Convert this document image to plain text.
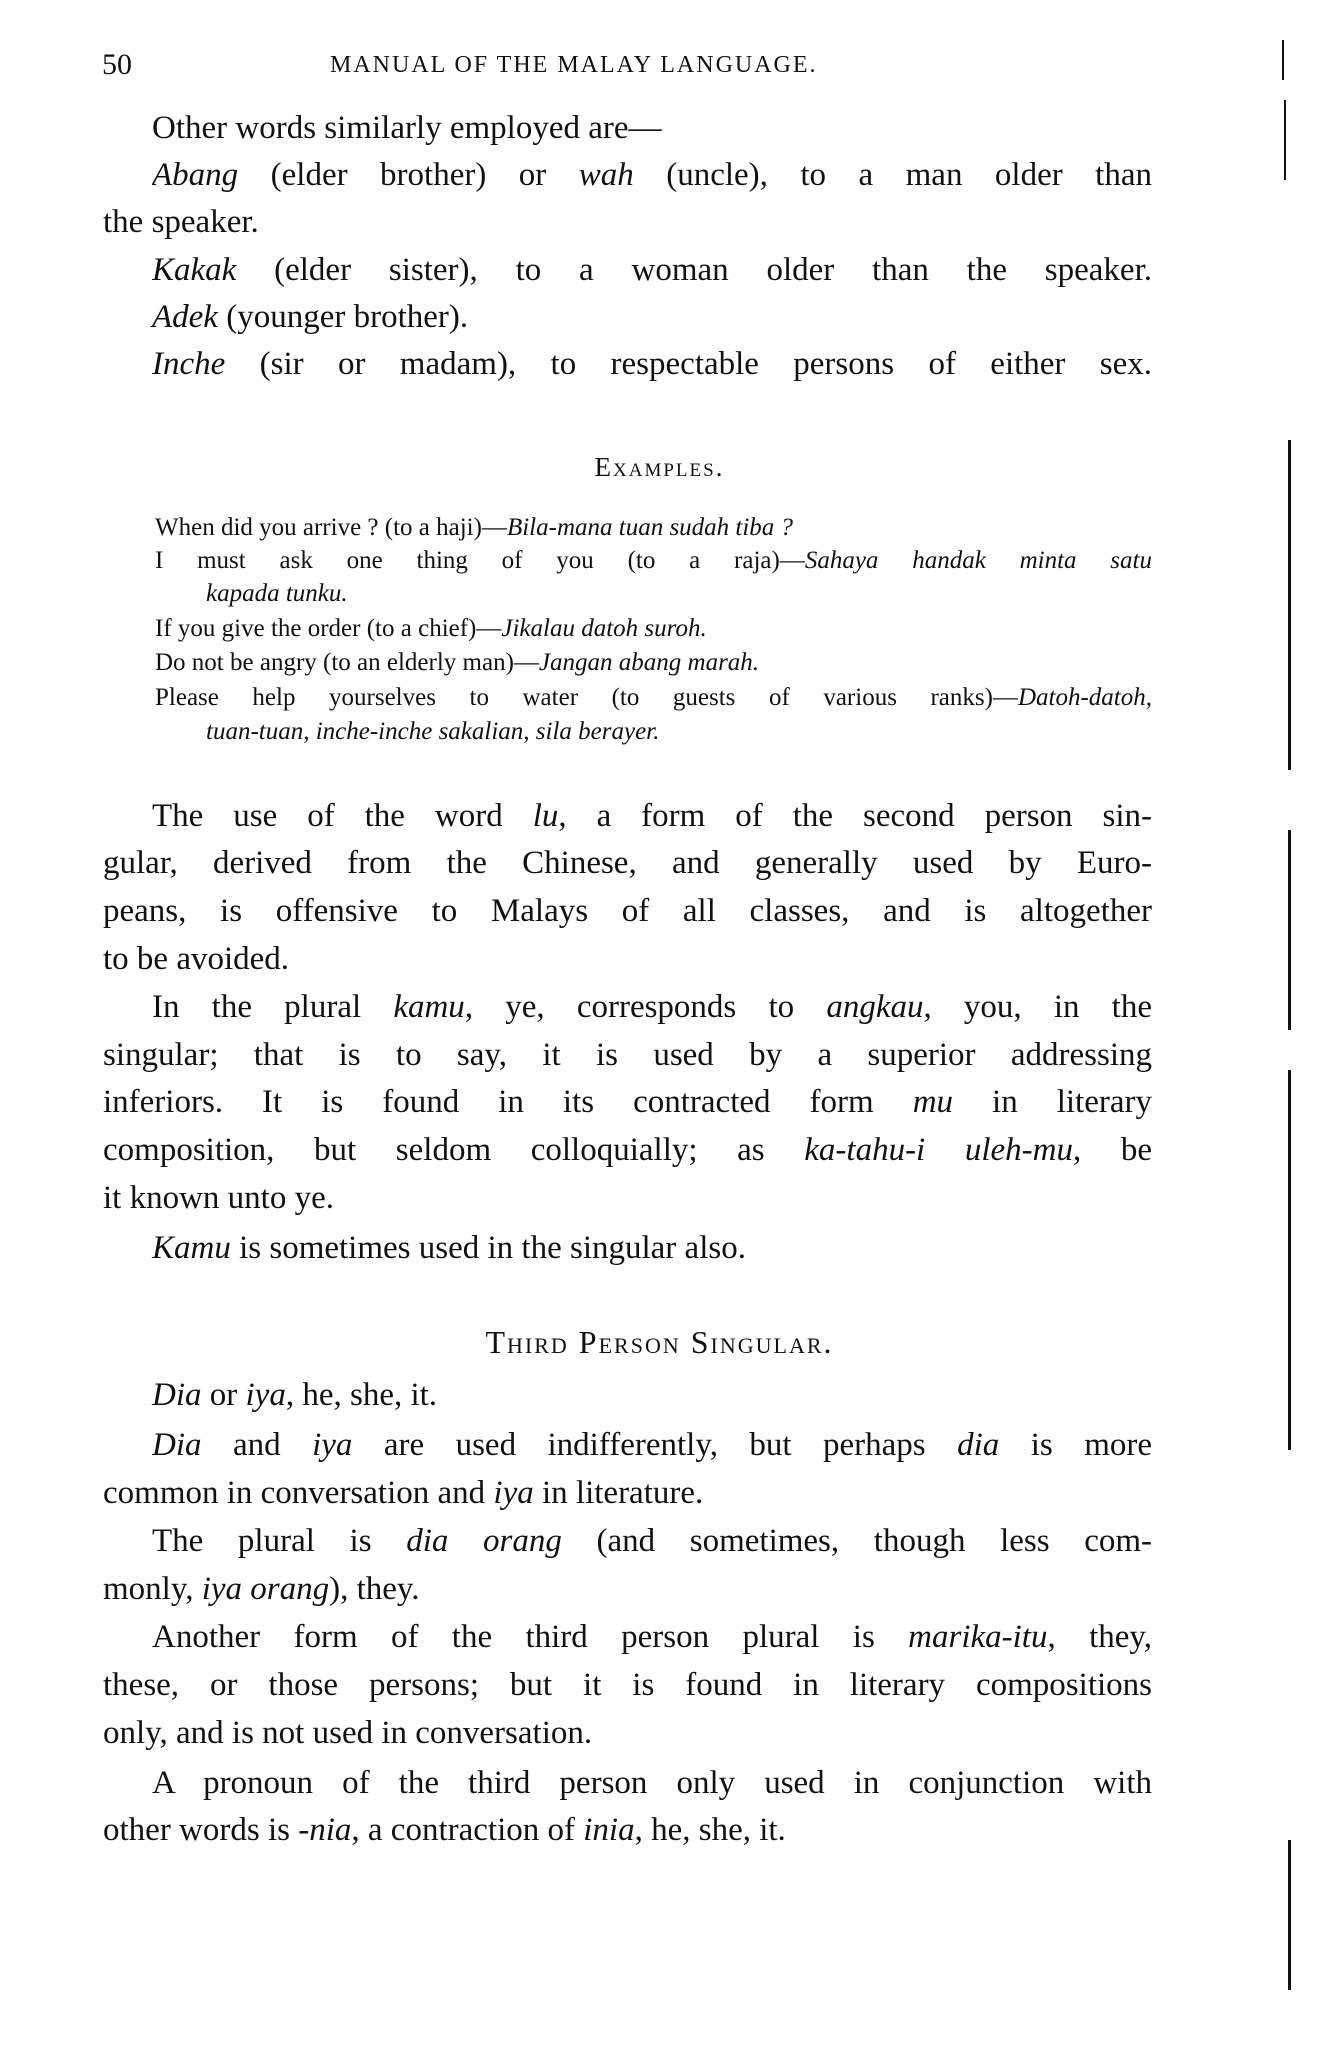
50	MANUAL OF THE MALAY LANGUAGE.
Other words similarly employed are—
Abang (elder brother) or wah (uncle), to a man older than
the speaker.
Kakak (elder sister), to a woman older than the speaker.
Adek (younger brother).
Inche (sir or madam), to respectable persons of either sex.
Examples.
When did you arrive ? (to a haji)—Bila-mana tuan sudah tiba ?
I must ask one thing of you (to a raja)—Sahaya handak minta satu
kapada tunku.
If you give the order (to a chief)—Jikalau datoh suroh.
Do not be angry (to an elderly man)—Jangan abang marah.
Please help yourselves to water (to guests of various ranks)—Datoh-datoh,
tuan-tuan, inche-inche sakalian, sila berayer.
The use of the word lu, a form of the second person sin-
gular, derived from the Chinese, and generally used by Euro-
peans, is offensive to Malays of all classes, and is altogether
to be avoided.
In the plural kamu, ye, corresponds to angkau, you, in the
singular; that is to say, it is used by a superior addressing
inferiors. It is found in its contracted form mu in literary
composition, but seldom colloquially; as ka-tahu-i uleh-mu, be
it known unto ye.
Kamu is sometimes used in the singular also.
Third Person Singular.
Dia or iya, he, she, it.
Dia and iya are used indifferently, but perhaps dia is more
common in conversation and iya in literature.
The plural is dia orang (and sometimes, though less com-
monly, iya orang), they.
Another form of the third person plural is marika-itu, they,
these, or those persons; but it is found in literary compositions
only, and is not used in conversation.
A pronoun of the third person only used in conjunction with
other words is -nia, a contraction of inia, he, she, it.
